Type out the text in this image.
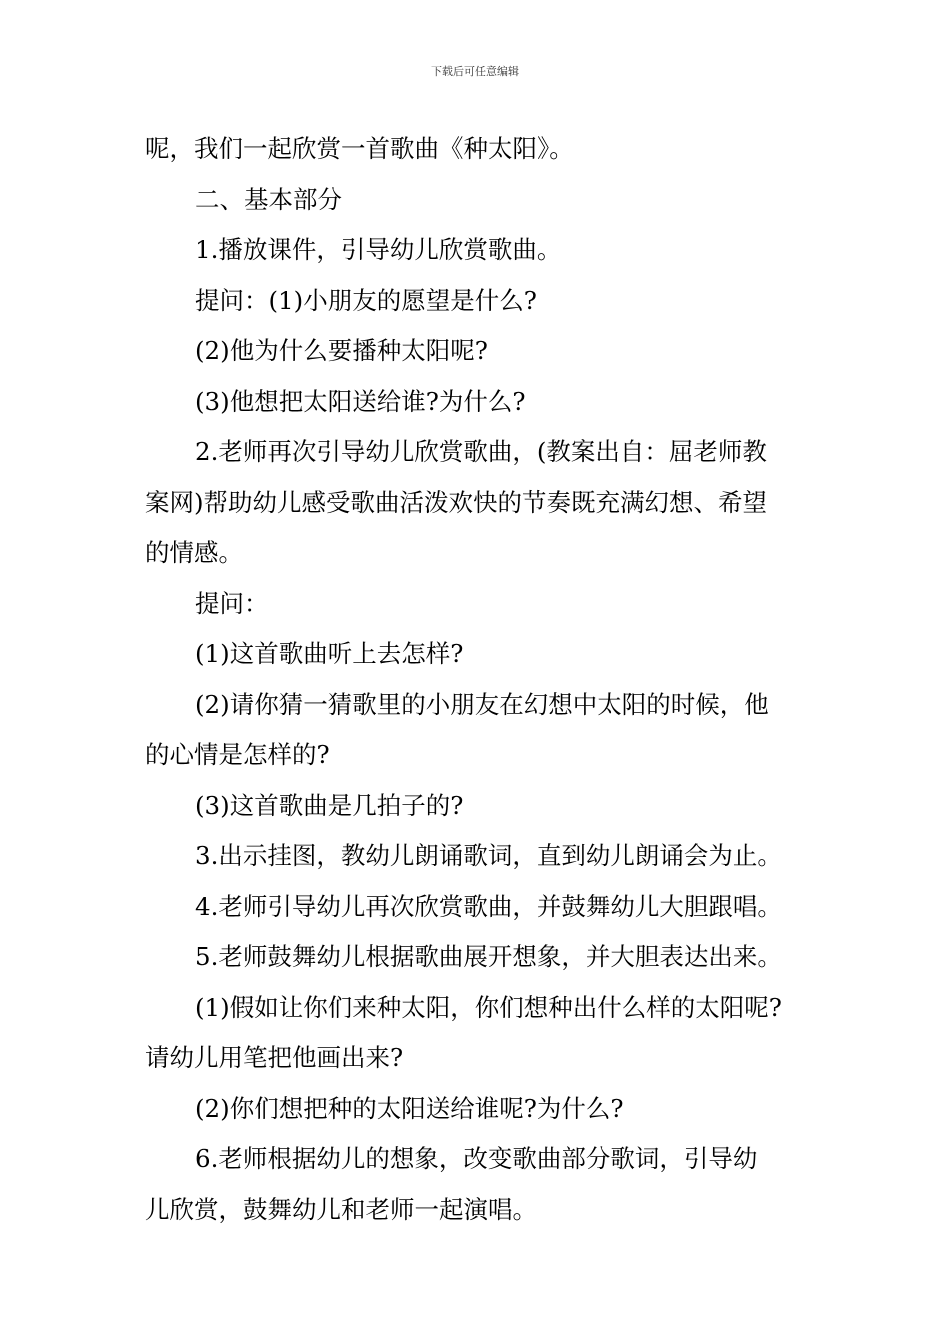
下载后可任意编辑
呢，我们一起欣赏一首歌曲《种太阳》。
二、基本部分
1.播放课件，引导幼儿欣赏歌曲。
提问：(1)小朋友的愿望是什么?
(2)他为什么要播种太阳呢?
(3)他想把太阳送给谁?为什么?
2.老师再次引导幼儿欣赏歌曲，(教案出自：屈老师教
案网)帮助幼儿感受歌曲活泼欢快的节奏既充满幻想、希望
的情感。
提问：
(1)这首歌曲听上去怎样?
(2)请你猜一猜歌里的小朋友在幻想中太阳的时候，他
的心情是怎样的?
(3)这首歌曲是几拍子的?
3.出示挂图，教幼儿朗诵歌词，直到幼儿朗诵会为止。
4.老师引导幼儿再次欣赏歌曲，并鼓舞幼儿大胆跟唱。
5.老师鼓舞幼儿根据歌曲展开想象，并大胆表达出来。
(1)假如让你们来种太阳，你们想种出什么样的太阳呢?
请幼儿用笔把他画出来?
(2)你们想把种的太阳送给谁呢?为什么?
6.老师根据幼儿的想象，改变歌曲部分歌词，引导幼
儿欣赏，鼓舞幼儿和老师一起演唱。
